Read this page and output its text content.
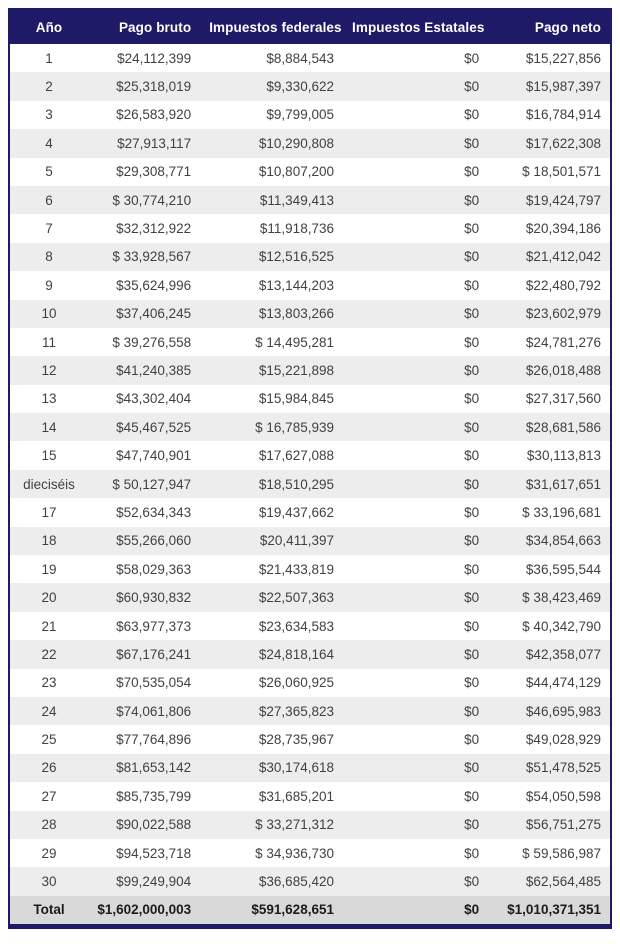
Año	Pago bruto	Impuestos federales	Impuestos Estatales	Pago neto
1	$24,112,399	$8,884,543	$0	$15,227,856
2	$25,318,019	$9,330,622	$0	$15,987,397
3	$26,583,920	$9,799,005	$0	$16,784,914
4	$27,913,117	$10,290,808	$0	$17,622,308
5	$29,308,771	$10,807,200	$0	$ 18,501,571
6	$ 30,774,210	$11,349,413	$0	$19,424,797
7	$32,312,922	$11,918,736	$0	$20,394,186
8	$ 33,928,567	$12,516,525	$0	$21,412,042
9	$35,624,996	$13,144,203	$0	$22,480,792
10	$37,406,245	$13,803,266	$0	$23,602,979
11	$ 39,276,558	$ 14,495,281	$0	$24,781,276
12	$41,240,385	$15,221,898	$0	$26,018,488
13	$43,302,404	$15,984,845	$0	$27,317,560
14	$45,467,525	$ 16,785,939	$0	$28,681,586
15	$47,740,901	$17,627,088	$0	$30,113,813
dieciséis	$ 50,127,947	$18,510,295	$0	$31,617,651
17	$52,634,343	$19,437,662	$0	$ 33,196,681
18	$55,266,060	$20,411,397	$0	$34,854,663
19	$58,029,363	$21,433,819	$0	$36,595,544
20	$60,930,832	$22,507,363	$0	$ 38,423,469
21	$63,977,373	$23,634,583	$0	$ 40,342,790
22	$67,176,241	$24,818,164	$0	$42,358,077
23	$70,535,054	$26,060,925	$0	$44,474,129
24	$74,061,806	$27,365,823	$0	$46,695,983
25	$77,764,896	$28,735,967	$0	$49,028,929
26	$81,653,142	$30,174,618	$0	$51,478,525
27	$85,735,799	$31,685,201	$0	$54,050,598
28	$90,022,588	$ 33,271,312	$0	$56,751,275
29	$94,523,718	$ 34,936,730	$0	$ 59,586,987
30	$99,249,904	$36,685,420	$0	$62,564,485
Total	$1,602,000,003	$591,628,651	$0	$1,010,371,351
